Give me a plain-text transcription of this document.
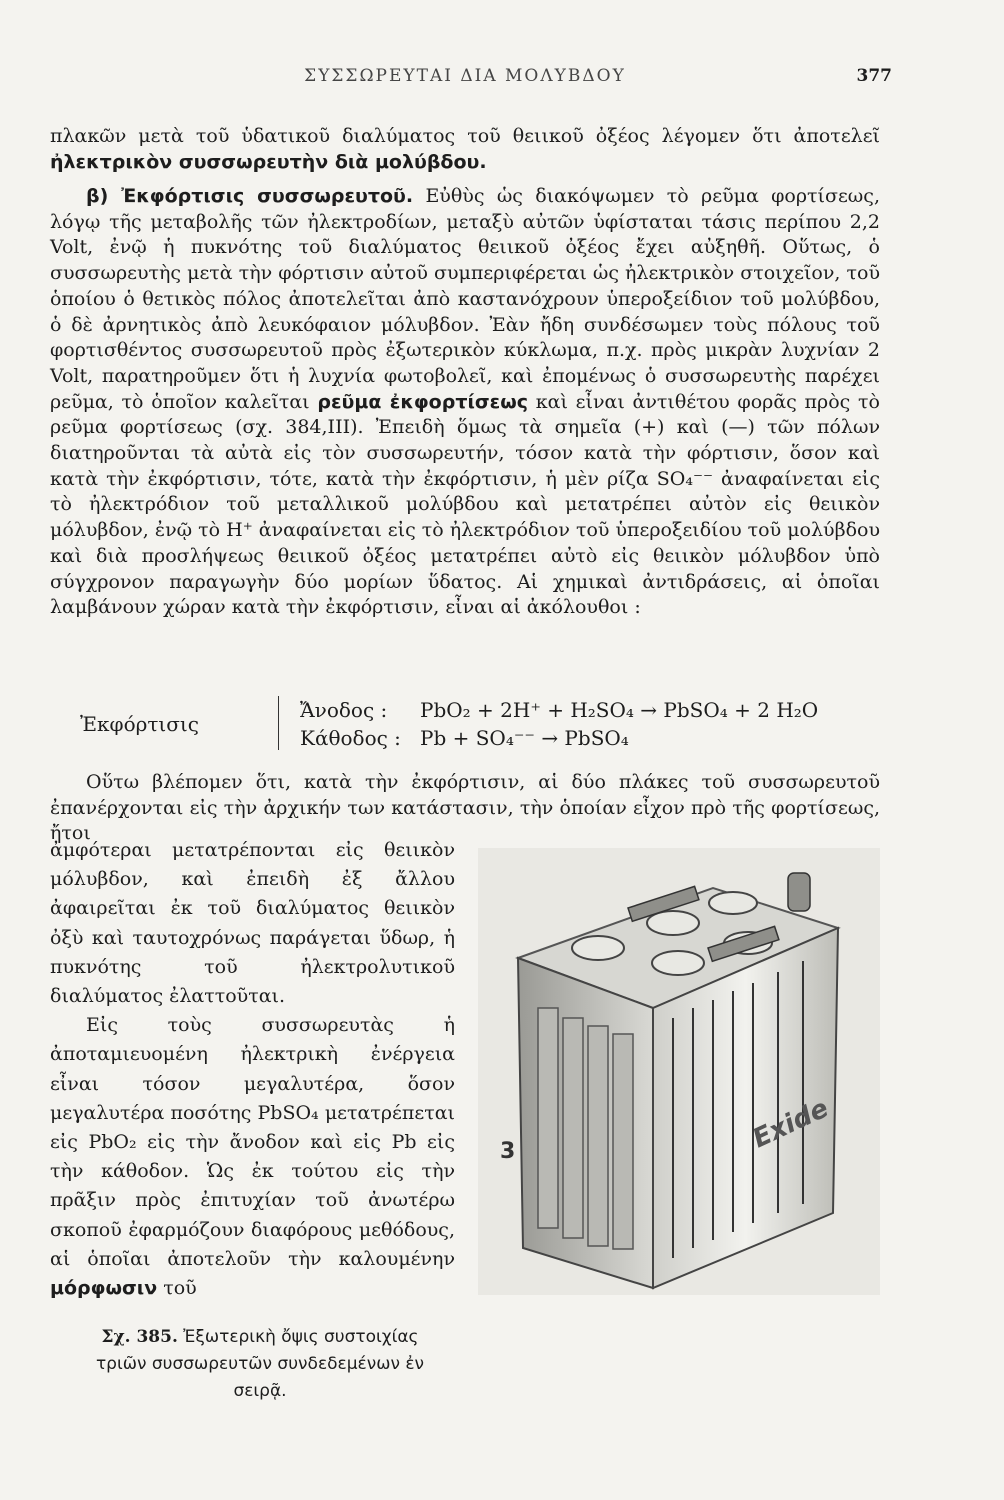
ΣΥΣΣΩΡΕΥΤΑΙ ΔΙΑ ΜΟΛΥΒΔΟΥ	377
πλακῶν μετὰ τοῦ ὑδατικοῦ διαλύματος τοῦ θειικοῦ ὀξέος λέγομεν ὅτι ἀποτελεῖ ἠλεκτρικὸν συσσωρευτὴν διὰ μολύβδου.
β) Ἐκφόρτισις συσσωρευτοῦ. Εὐθὺς ὡς διακόψωμεν τὸ ρεῦμα φορτίσεως, λόγῳ τῆς μεταβολῆς τῶν ἠλεκτροδίων, μεταξὺ αὐτῶν ὑφίσταται τάσις περίπου 2,2 Volt, ἐνῷ ἡ πυκνότης τοῦ διαλύματος θειικοῦ ὀξέος ἔχει αὐξηθῆ. Οὕτως, ὁ συσσωρευτὴς μετὰ τὴν φόρτισιν αὐτοῦ συμπεριφέρεται ὡς ἠλεκτρικὸν στοιχεῖον, τοῦ ὁποίου ὁ θετικὸς πόλος ἀποτελεῖται ἀπὸ καστανόχρουν ὑπεροξείδιον τοῦ μολύβδου, ὁ δὲ ἀρνητικὸς ἀπὸ λευκόφαιον μόλυβδον. Ἐὰν ἤδη συνδέσωμεν τοὺς πόλους τοῦ φορτισθέντος συσσωρευτοῦ πρὸς ἐξωτερικὸν κύκλωμα, π.χ. πρὸς μικρὰν λυχνίαν 2 Volt, παρατηροῦμεν ὅτι ἡ λυχνία φωτοβολεῖ, καὶ ἐπομένως ὁ συσσωρευτὴς παρέχει ρεῦμα, τὸ ὁποῖον καλεῖται ρεῦμα ἐκφορτίσεως καὶ εἶναι ἀντιθέτου φορᾶς πρὸς τὸ ρεῦμα φορτίσεως (σχ. 384,III). Ἐπειδὴ ὅμως τὰ σημεῖα (+) καὶ (—) τῶν πόλων διατηροῦνται τὰ αὐτὰ εἰς τὸν συσσωρευτήν, τόσον κατὰ τὴν φόρτισιν, ὅσον καὶ κατὰ τὴν ἐκφόρτισιν, τότε, κατὰ τὴν ἐκφόρτισιν, ἡ μὲν ρίζα SO₄⁻⁻ ἀναφαίνεται εἰς τὸ ἠλεκτρόδιον τοῦ μεταλλικοῦ μολύβδου καὶ μετατρέπει αὐτὸν εἰς θειικὸν μόλυβδον, ἐνῷ τὸ H⁺ ἀναφαίνεται εἰς τὸ ἠλεκτρόδιον τοῦ ὑπεροξειδίου τοῦ μολύβδου καὶ διὰ προσλήψεως θειικοῦ ὀξέος μετατρέπει αὐτὸ εἰς θειικὸν μόλυβδον ὑπὸ σύγχρονον παραγωγὴν δύο μορίων ὕδατος. Αἱ χημικαὶ ἀντιδράσεις, αἱ ὁποῖαι λαμβάνουν χώραν κατὰ τὴν ἐκφόρτισιν, εἶναι αἱ ἀκόλουθοι :
Ἐκφόρτισις
Ἄνοδος : PbO₂ + 2H⁺ + H₂SO₄ → PbSO₄ + 2 H₂O
Κάθοδος : Pb + SO₄⁻⁻ → PbSO₄
Οὕτω βλέπομεν ὅτι, κατὰ τὴν ἐκφόρτισιν, αἱ δύο πλάκες τοῦ συσσωρευτοῦ ἐπανέρχονται εἰς τὴν ἀρχικήν των κατάστασιν, τὴν ὁποίαν εἶχον πρὸ τῆς φορτίσεως, ἤτοι

ἀμφότεραι μετατρέπονται εἰς θειικὸν μόλυβδον, καὶ ἐπειδὴ ἐξ ἄλλου ἀφαιρεῖται ἐκ τοῦ διαλύματος θειικὸν ὀξὺ καὶ ταυτοχρόνως παράγεται ὕδωρ, ἡ πυκνότης τοῦ ἠλεκτρολυτικοῦ διαλύματος ἐλαττοῦται.

Εἰς τοὺς συσσωρευτὰς ἡ ἀποταμιευομένη ἠλεκτρικὴ ἐνέργεια εἶναι τόσον μεγαλυτέρα, ὅσον μεγαλυτέρα ποσότης PbSO₄ μετατρέπεται εἰς PbO₂ εἰς τὴν ἄνοδον καὶ εἰς Pb εἰς τὴν κάθοδον. Ὡς ἐκ τούτου εἰς τὴν πρᾶξιν πρὸς ἐπιτυχίαν τοῦ ἀνωτέρω σκοποῦ ἐφαρμόζουν διαφόρους μεθόδους, αἱ ὁποῖαι ἀποτελοῦν τὴν καλουμένην μόρφωσιν τοῦ

3	Exide
Σχ. 385. Ἐξωτερικὴ ὄψις συστοιχίας τριῶν συσσωρευτῶν συνδεδεμένων ἐν σειρᾷ.
